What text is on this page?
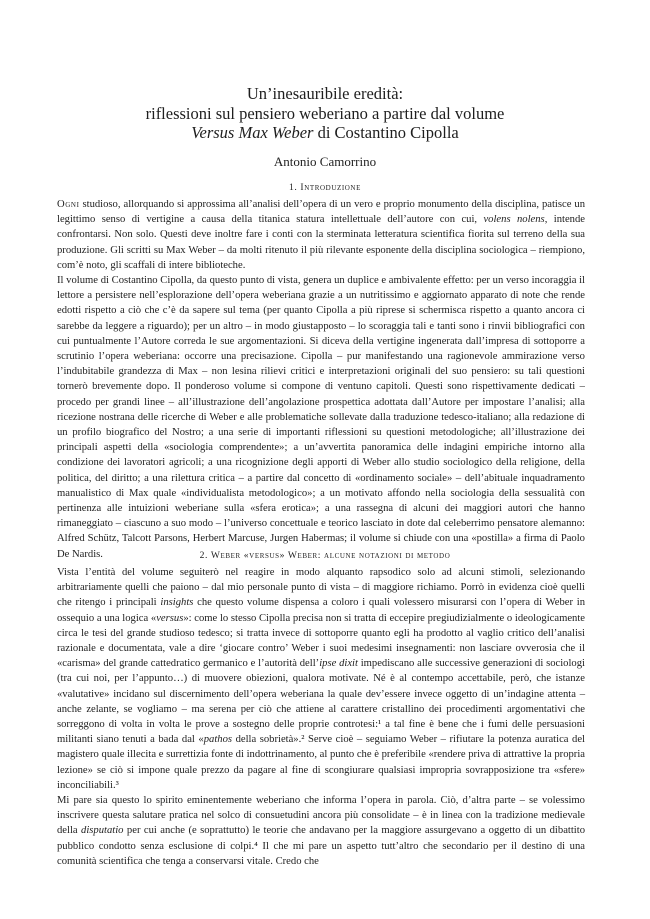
Un’inesauribile eredità:

riflessioni sul pensiero weberiano a partire dal volume

Versus Max Weber di Costantino Cipolla

Antonio Camorrino
1. Introduzione

Ogni studioso, allorquando si approssima all’analisi dell’opera di un vero e proprio monumento della disciplina, patisce un legittimo senso di vertigine a causa della titanica statura intellettuale dell’autore con cui, volens nolens, intende confrontarsi. Non solo. Questi deve inoltre fare i conti con la sterminata letteratura scientifica fiorita sul terreno della sua produzione. Gli scritti su Max Weber – da molti ritenuto il più rilevante esponente della disciplina sociologica – riempiono, com’è noto, gli scaffali di intere biblioteche.

Il volume di Costantino Cipolla, da questo punto di vista, genera un duplice e ambivalente effetto: per un verso incoraggia il lettore a persistere nell’esplorazione dell’opera weberiana grazie a un nutritissimo e aggiornato apparato di note che rende edotti rispetto a ciò che c’è da sapere sul tema (per quanto Cipolla a più riprese si schermisca rispetto a quanto ancora ci sarebbe da leggere a riguardo); per un altro – in modo giustapposto – lo scoraggia tali e tanti sono i rinvii bibliografici con cui puntualmente l’Autore correda le sue argomentazioni. Si diceva della vertigine ingenerata dall’impresa di sottoporre a scrutinio l’opera weberiana: occorre una precisazione. Cipolla – pur manifestando una ragionevole ammirazione verso l’indubitabile grandezza di Max – non lesina rilievi critici e interpretazioni originali del suo pensiero: su tali questioni tornerò brevemente dopo. Il ponderoso volume si compone di ventuno capitoli. Questi sono rispettivamente dedicati – procedo per grandi linee – all’illustrazione dell’angolazione prospettica adottata dall’Autore per impostare l’analisi; alla ricezione nostrana delle ricerche di Weber e alle problematiche sollevate dalla traduzione tedesco-italiano; alla redazione di un profilo biografico del Nostro; a una serie di importanti riflessioni su questioni metodologiche; all’illustrazione dei principali aspetti della «sociologia comprendente»; a un’avvertita panoramica delle indagini empiriche intorno alla condizione dei lavoratori agricoli; a una ricognizione degli apporti di Weber allo studio sociologico della religione, della politica, del diritto; a una rilettura critica – a partire dal concetto di «ordinamento sociale» – dell’abituale inquadramento manualistico di Max quale «individualista metodologico»; a un motivato affondo nella sociologia della sessualità con pertinenza alle intuizioni weberiane sulla «sfera erotica»; a una rassegna di alcuni dei maggiori autori che hanno rimaneggiato – ciascuno a suo modo – l’universo concettuale e teorico lasciato in dote dal celeberrimo pensatore alemanno: Alfred Schütz, Talcott Parsons, Herbert Marcuse, Jurgen Habermas; il volume si chiude con una «postilla» a firma di Paolo De Nardis.	2. Weber «versus» Weber: alcune notazioni di metodo

Vista l’entità del volume seguiterò nel reagire in modo alquanto rapsodico solo ad alcuni stimoli, selezionando arbitrariamente quelli che paiono – dal mio personale punto di vista – di maggiore richiamo. Porrò in evidenza cioè quelli che ritengo i principali insights che questo volume dispensa a coloro i quali volessero misurarsi con l’opera di Weber in ossequio a una logica «versus»: come lo stesso Cipolla precisa non si tratta di eccepire pregiudizialmente o ideologicamente circa le tesi del grande studioso tedesco; si tratta invece di sottoporre quanto egli ha prodotto al vaglio critico dell’analisi razionale e documentata, vale a dire ‘giocare contro’ Weber i suoi medesimi insegnamenti: non lasciare ovverosia che il «carisma» del grande cattedratico germanico e l’autorità dell’ipse dixit impediscano alle successive generazioni di sociologi (tra cui noi, per l’appunto…) di muovere obiezioni, qualora motivate. Né è al contempo accettabile, però, che istanze «valutative» incidano sul discernimento dell’opera weberiana la quale dev’essere invece oggetto di un’indagine attenta – anche zelante, se vogliamo – ma serena per ciò che attiene al carattere cristallino dei procedimenti argomentativi che sorreggono di volta in volta le prove a sostegno delle proprie controtesi:¹ a tal fine è bene che i fumi delle persuasioni militanti siano tenuti a bada dal «pathos della sobrietà».² Serve cioè – seguiamo Weber – rifiutare la potenza auratica del magistero quale illecita e surrettizia fonte di indottrinamento, al punto che è preferibile «rendere priva di attrattive la propria lezione» se ciò si impone quale prezzo da pagare al fine di scongiurare qualsiasi impropria sovrapposizione tra «sfere» inconciliabili.³

Mi pare sia questo lo spirito eminentemente weberiano che informa l’opera in parola. Ciò, d’altra parte – se volessimo inscrivere questa salutare pratica nel solco di consuetudini ancora più consolidate – è in linea con la tradizione medievale della disputatio per cui anche (e soprattutto) le teorie che andavano per la maggiore assurgevano a oggetto di un dibattito pubblico condotto senza esclusione di colpi.⁴ Il che mi pare un aspetto tutt’altro che secondario per il destino di una comunità scientifica che tenga a conservarsi vitale. Credo che
